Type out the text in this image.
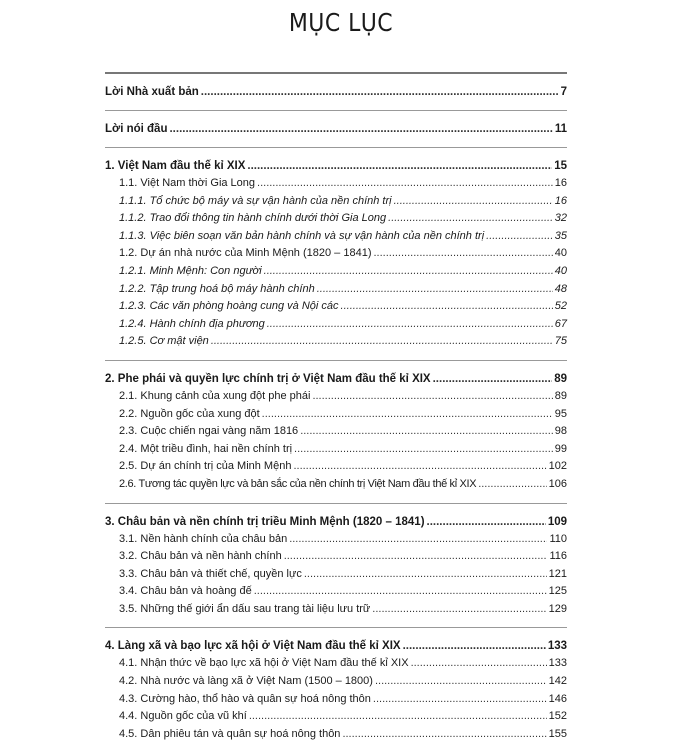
MỤC LỤC
Lời Nhà xuất bản .....	7
Lời nói đầu .....	11
1. Việt Nam đầu thế kỉ XIX .....	15
1.1. Việt Nam thời Gia Long .....	16
1.1.1. Tổ chức bộ máy và sự vận hành của nền chính trị .....	16
1.1.2. Trao đổi thông tin hành chính dưới thời Gia Long .....	32
1.1.3. Việc biên soạn văn bản hành chính và sự vận hành của nền chính trị .....	35
1.2. Dự án nhà nước của Minh Mệnh (1820 – 1841) .....	40
1.2.1. Minh Mệnh: Con người .....	40
1.2.2. Tập trung hoá bộ máy hành chính .....	48
1.2.3. Các văn phòng hoàng cung và Nội các .....	52
1.2.4. Hành chính địa phương .....	67
1.2.5. Cơ mật viện .....	75
2. Phe phái và quyền lực chính trị ở Việt Nam đầu thế kỉ XIX .....	89
2.1. Khung cảnh của xung đột phe phái .....	89
2.2. Nguồn gốc của xung đột .....	95
2.3. Cuộc chiến ngai vàng năm 1816 .....	98
2.4. Một triều đình, hai nền chính trị .....	99
2.5. Dự án chính trị của Minh Mệnh .....	102
2.6. Tương tác quyền lực và bản sắc của nền chính trị Việt Nam đầu thế kỉ XIX .....	106
3. Châu bản và nền chính trị triều Minh Mệnh (1820 – 1841) .....	109
3.1. Nền hành chính của châu bản .....	110
3.2. Châu bản và nền hành chính .....	116
3.3. Châu bản và thiết chế, quyền lực .....	121
3.4. Châu bản và hoàng đế .....	125
3.5. Những thế giới ẩn dấu sau trang tài liệu lưu trữ .....	129
4. Làng xã và bạo lực xã hội ở Việt Nam đầu thế kỉ XIX .....	133
4.1. Nhận thức về bạo lực xã hội ở Việt Nam đầu thế kỉ XIX .....	133
4.2. Nhà nước và làng xã ở Việt Nam (1500 – 1800) .....	142
4.3. Cường hào, thổ hào và quân sự hoá nông thôn .....	146
4.4. Nguồn gốc của vũ khí .....	152
4.5. Dân phiêu tán và quân sự hoá nông thôn .....	155
